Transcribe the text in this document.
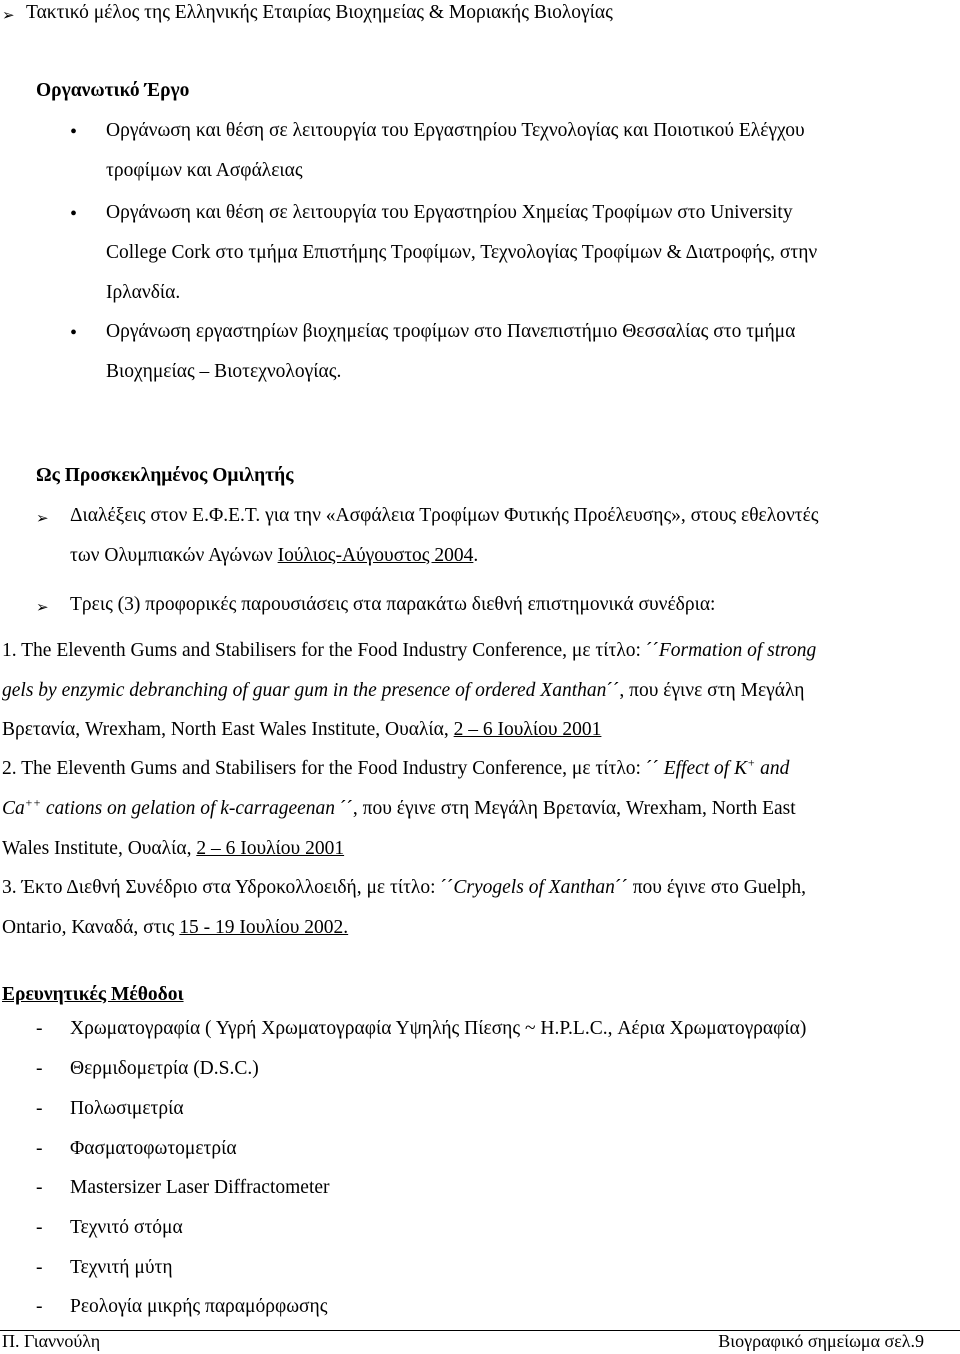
➢ Τακτικό μέλος της Ελληνικής Εταιρίας Βιοχημείας & Μοριακής Βιολογίας
Οργανωτικό Έργο
• Οργάνωση και θέση σε λειτουργία του Εργαστηρίου Τεχνολογίας και Ποιοτικού Ελέγχου
τροφίμων και Ασφάλειας
• Οργάνωση και θέση σε λειτουργία του Εργαστηρίου Χημείας Τροφίμων στο University
College Cork στο τμήμα Επιστήμης Τροφίμων, Τεχνολογίας Τροφίμων & Διατροφής, στην
Ιρλανδία.
• Οργάνωση εργαστηρίων βιοχημείας τροφίμων στο Πανεπιστήμιο Θεσσαλίας στο τμήμα
Βιοχημείας – Βιοτεχνολογίας.
Ως Προσκεκλημένος Ομιλητής
➢ Διαλέξεις στον Ε.Φ.Ε.Τ. για την «Ασφάλεια Τροφίμων Φυτικής Προέλευσης», στους εθελοντές
των Ολυμπιακών Αγώνων Ιούλιος-Αύγουστος 2004.
➢ Τρεις (3) προφορικές παρουσιάσεις στα παρακάτω διεθνή επιστημονικά συνέδρια:
1. The Eleventh Gums and Stabilisers for the Food Industry Conference, με τίτλο: ´´Formation of strong
gels by enzymic debranching of guar gum in the presence of ordered Xanthan´´, που έγινε στη Μεγάλη
Βρετανία, Wrexham, North East Wales Institute, Ουαλία, 2 – 6 Ιουλίου 2001
2. The Eleventh Gums and Stabilisers for the Food Industry Conference, με τίτλο: ´´ Effect of K+ and
Ca++ cations on gelation of k-carrageenan ´´, που έγινε στη Μεγάλη Βρετανία, Wrexham, North East
Wales Institute, Ουαλία, 2 – 6 Ιουλίου 2001
3. Έκτο Διεθνή Συνέδριο στα Υδροκολλοειδή, με τίτλο: ´´Cryogels of Xanthan´´ που έγινε στο Guelph,
Ontario, Καναδά, στις 15 - 19 Ιουλίου 2002.
Ερευνητικές Μέθοδοι
- Χρωματογραφία ( Υγρή Χρωματογραφία Υψηλής Πίεσης ~ H.P.L.C., Αέρια Χρωματογραφία)
- Θερμιδομετρία (D.S.C.)
- Πολωσιμετρία
- Φασματοφωτομετρία
- Mastersizer Laser Diffractometer
- Τεχνιτό στόμα
- Τεχνιτή μύτη
- Ρεολογία μικρής παραμόρφωσης
Π. Γιαννούλη	Βιογραφικό σημείωμα σελ.9
